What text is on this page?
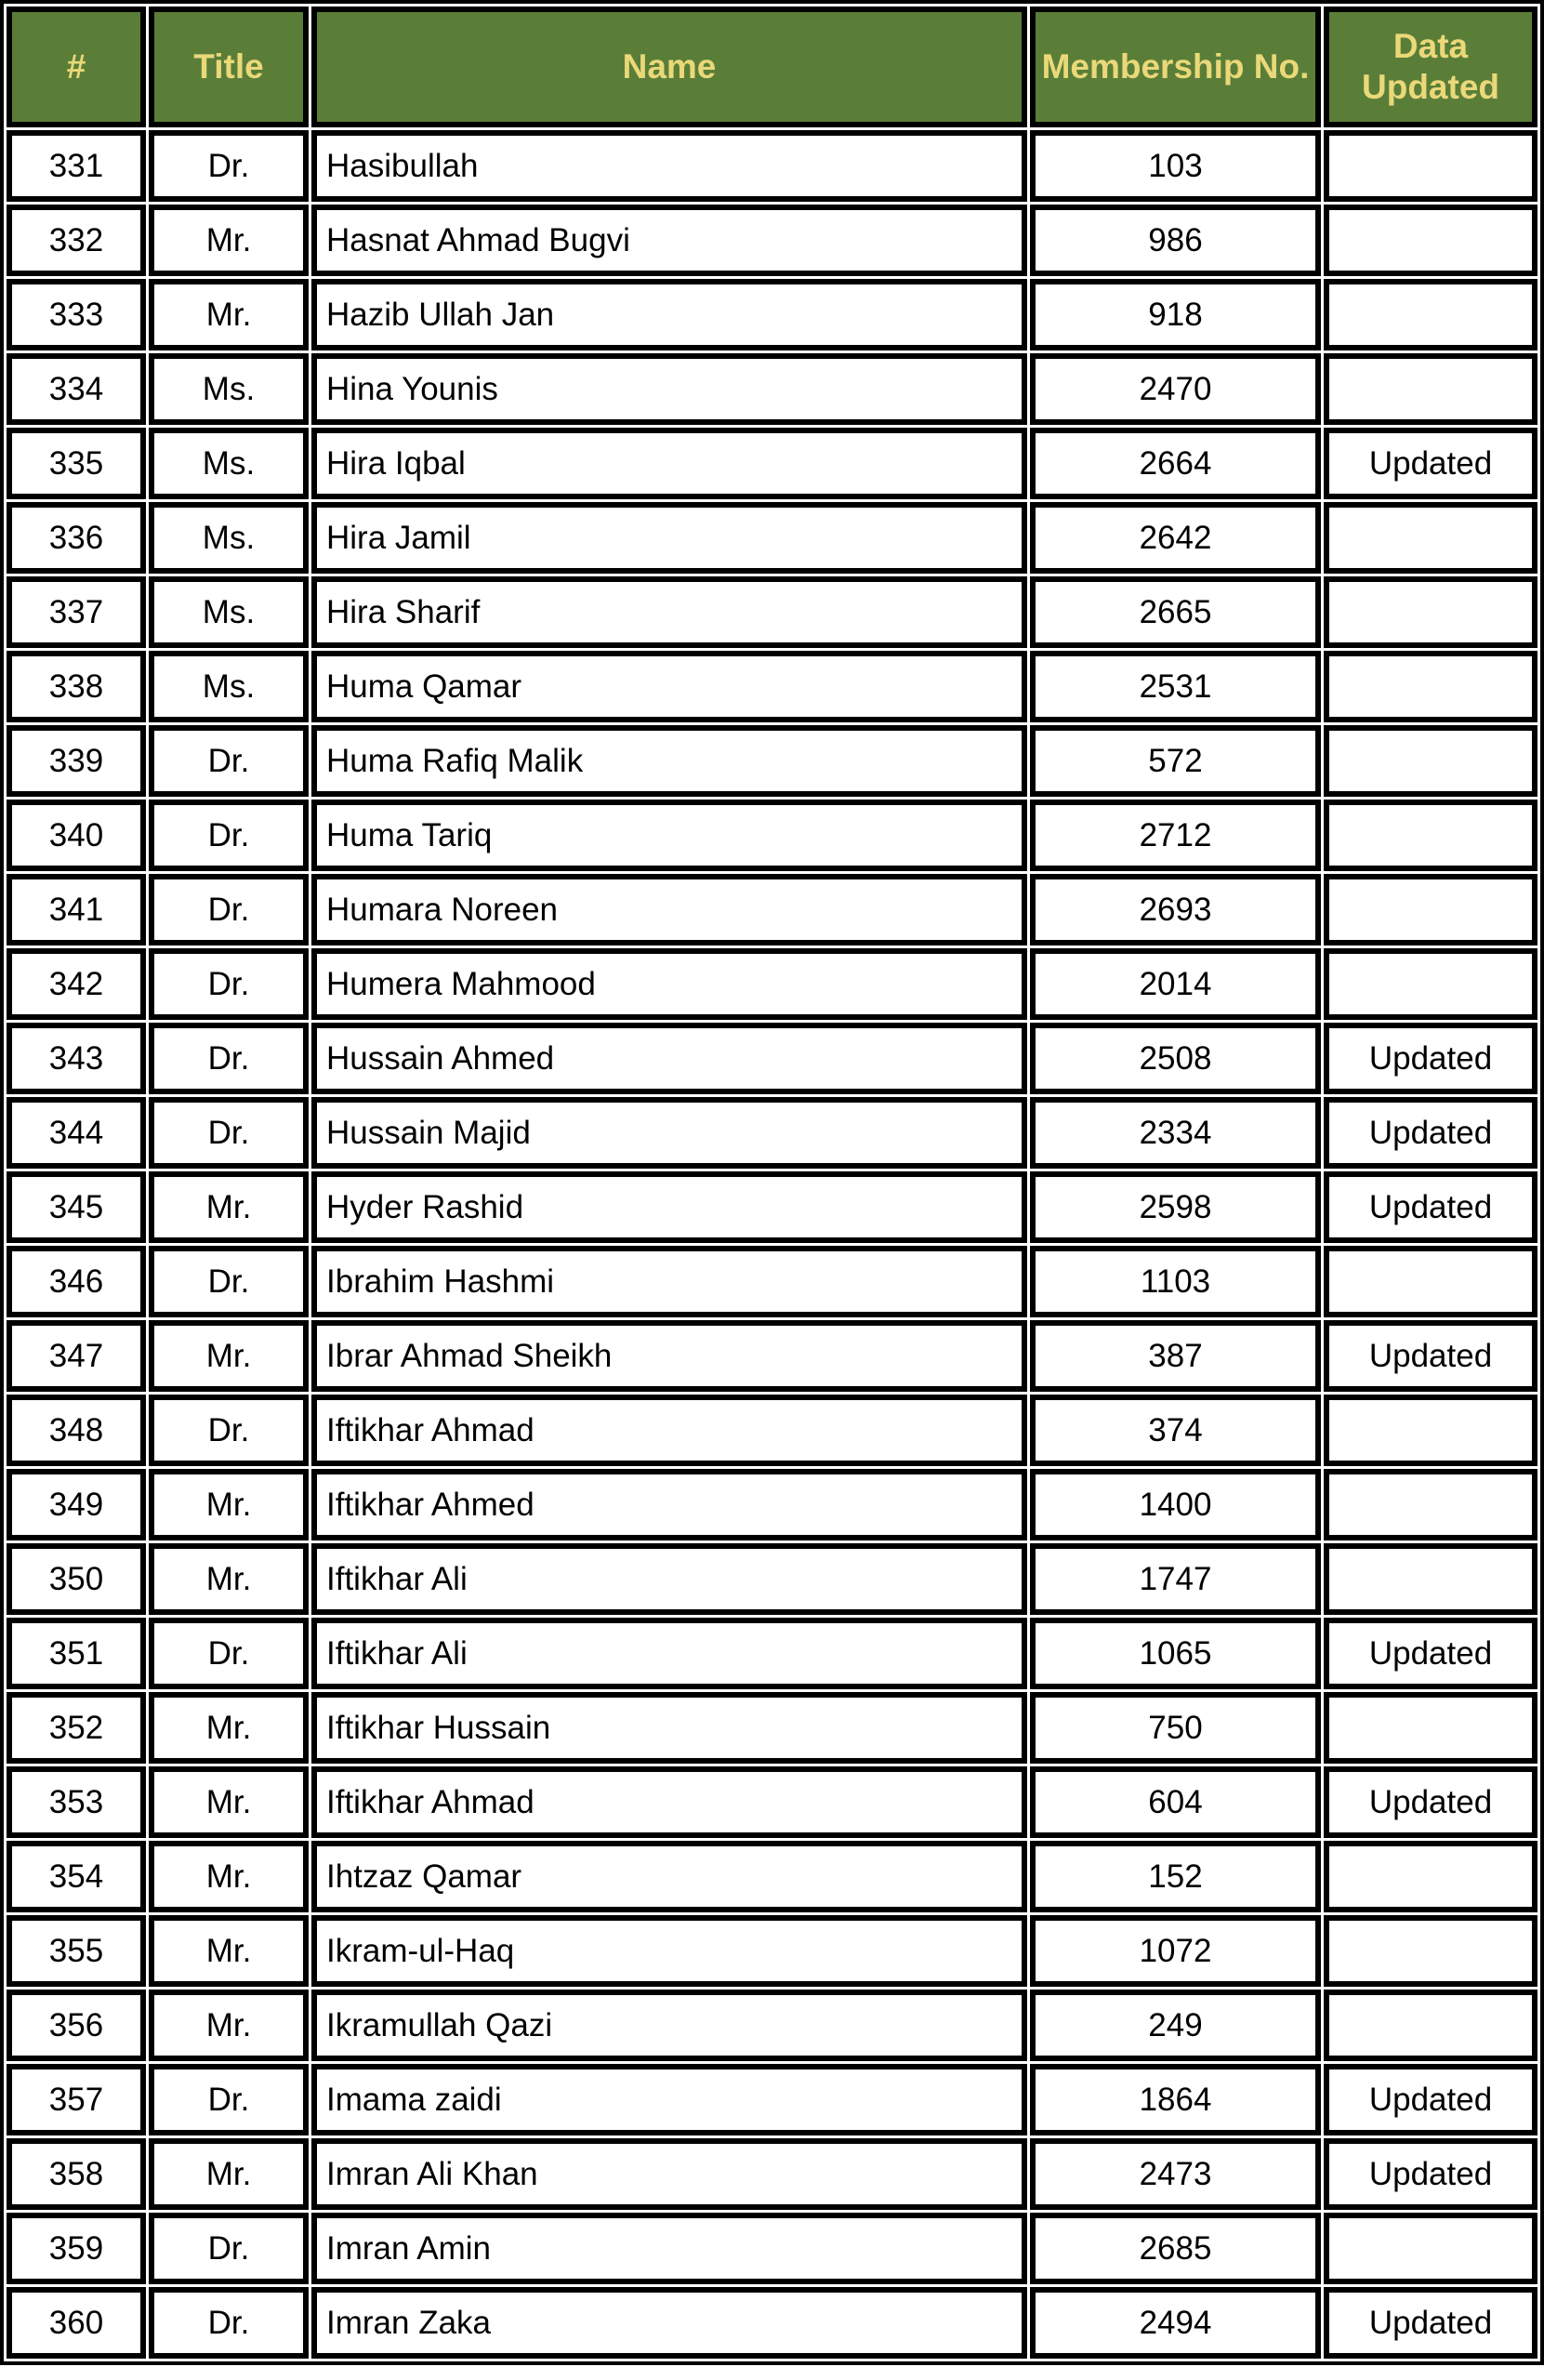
#	Title	Name	Membership No.	Data Updated
331	Dr.	Hasibullah	103	
332	Mr.	Hasnat Ahmad Bugvi	986	
333	Mr.	Hazib Ullah Jan	918	
334	Ms.	Hina Younis	2470	
335	Ms.	Hira Iqbal	2664	Updated
336	Ms.	Hira Jamil	2642	
337	Ms.	Hira Sharif	2665	
338	Ms.	Huma Qamar	2531	
339	Dr.	Huma Rafiq Malik	572	
340	Dr.	Huma Tariq	2712	
341	Dr.	Humara Noreen	2693	
342	Dr.	Humera Mahmood	2014	
343	Dr.	Hussain Ahmed	2508	Updated
344	Dr.	Hussain Majid	2334	Updated
345	Mr.	Hyder Rashid	2598	Updated
346	Dr.	Ibrahim Hashmi	1103	
347	Mr.	Ibrar Ahmad Sheikh	387	Updated
348	Dr.	Iftikhar Ahmad	374	
349	Mr.	Iftikhar Ahmed	1400	
350	Mr.	Iftikhar Ali	1747	
351	Dr.	Iftikhar Ali	1065	Updated
352	Mr.	Iftikhar Hussain	750	
353	Mr.	Iftikhar Ahmad	604	Updated
354	Mr.	Ihtzaz Qamar	152	
355	Mr.	Ikram-ul-Haq	1072	
356	Mr.	Ikramullah Qazi	249	
357	Dr.	Imama zaidi	1864	Updated
358	Mr.	Imran Ali Khan	2473	Updated
359	Dr.	Imran Amin	2685	
360	Dr.	Imran Zaka	2494	Updated
